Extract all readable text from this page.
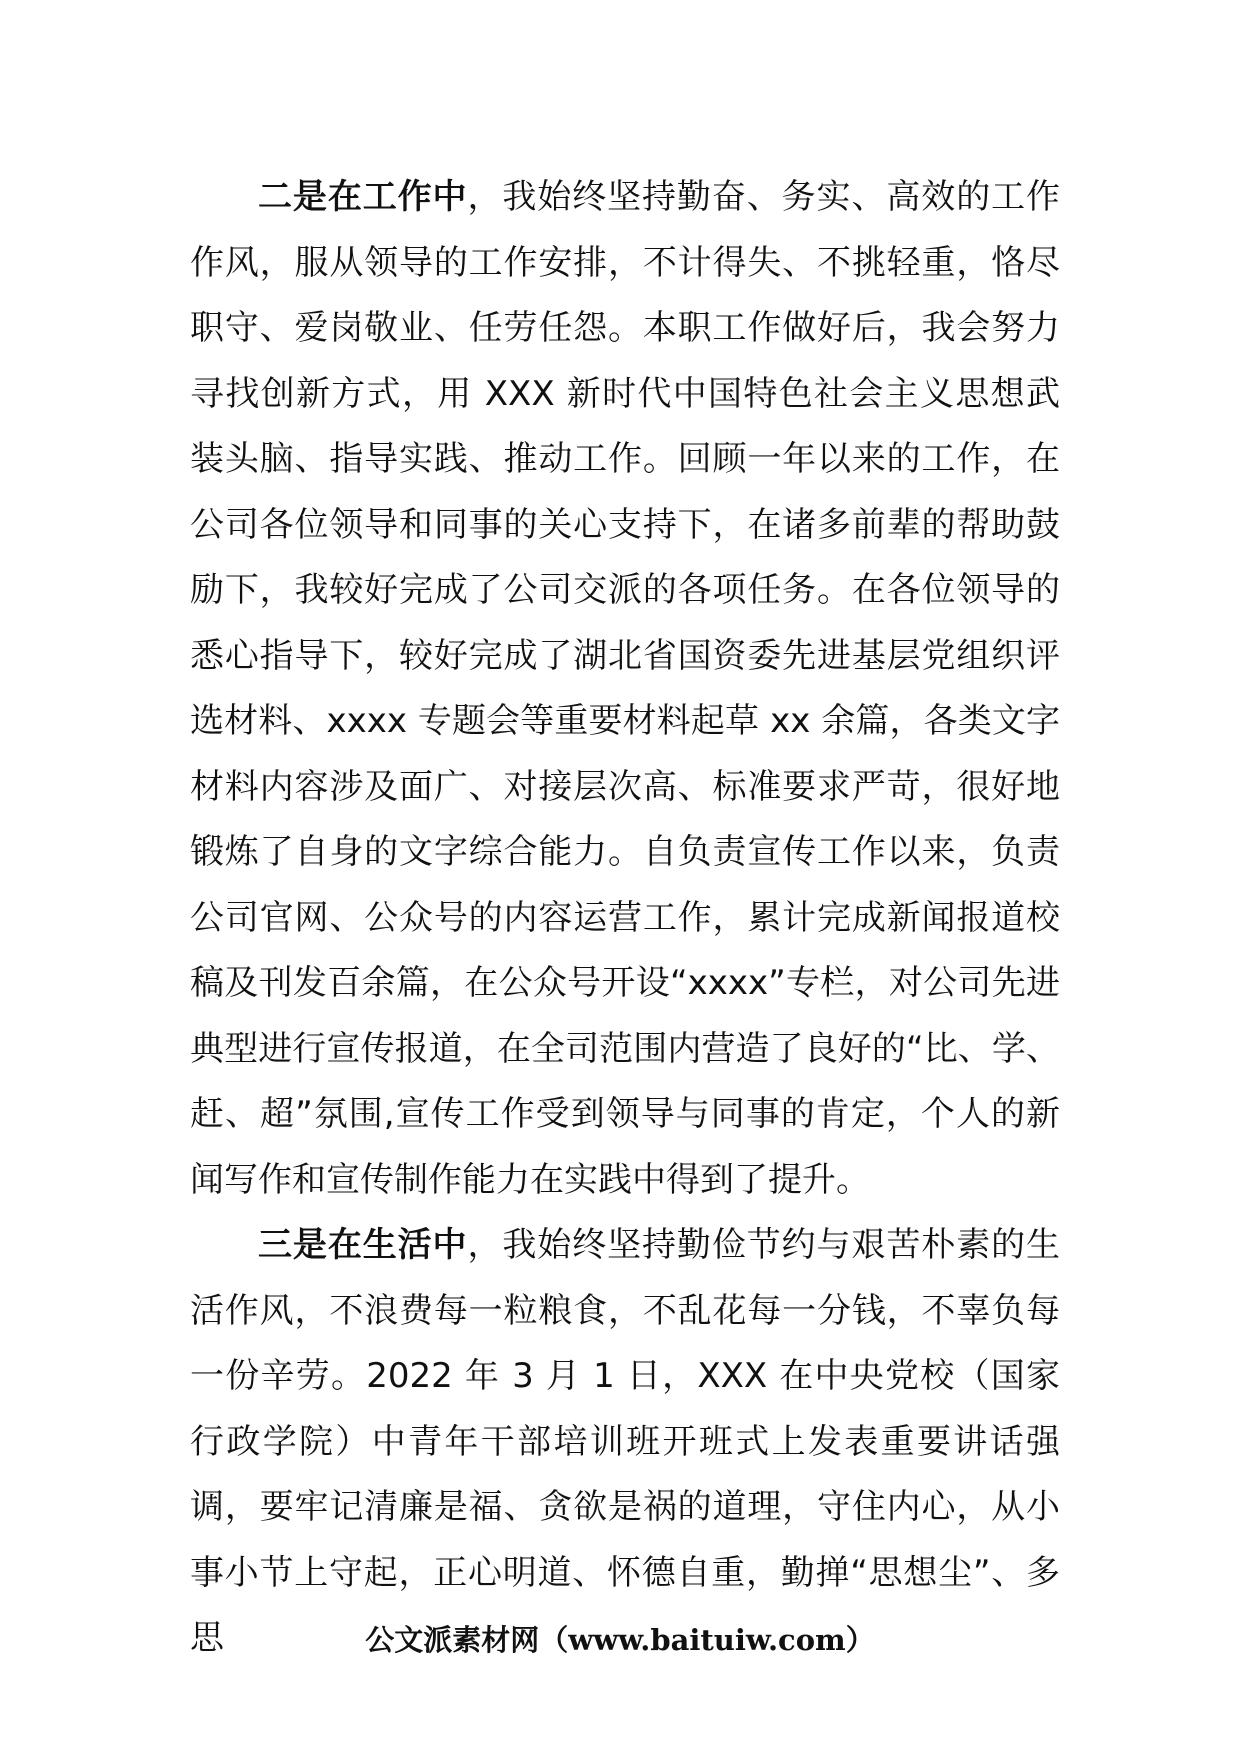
二是在工作中，我始终坚持勤奋、务实、高效的工作作风，服从领导的工作安排，不计得失、不挑轻重，恪尽职守、爱岗敬业、任劳任怨。本职工作做好后，我会努力寻找创新方式，用 XXX 新时代中国特色社会主义思想武装头脑、指导实践、推动工作。回顾一年以来的工作，在公司各位领导和同事的关心支持下，在诸多前辈的帮助鼓励下，我较好完成了公司交派的各项任务。在各位领导的悉心指导下，较好完成了湖北省国资委先进基层党组织评选材料、xxxx 专题会等重要材料起草 xx 余篇，各类文字材料内容涉及面广、对接层次高、标准要求严苛，很好地锻炼了自身的文字综合能力。自负责宣传工作以来，负责公司官网、公众号的内容运营工作，累计完成新闻报道校稿及刊发百余篇，在公众号开设“xxxx”专栏，对公司先进典型进行宣传报道，在全司范围内营造了良好的“比、学、赶、超”氛围,宣传工作受到领导与同事的肯定，个人的新闻写作和宣传制作能力在实践中得到了提升。

三是在生活中，我始终坚持勤俭节约与艰苦朴素的生活作风，不浪费每一粒粮食，不乱花每一分钱，不辜负每一份辛劳。2022 年 3 月 1 日，XXX 在中央党校（国家行政学院）中青年干部培训班开班式上发表重要讲话强调，要牢记清廉是福、贪欲是祸的道理，守住内心，从小事小节上守起，正心明道、怀德自重，勤掸“思想尘”、多思	公文派素材网（www.baituiw.com）
